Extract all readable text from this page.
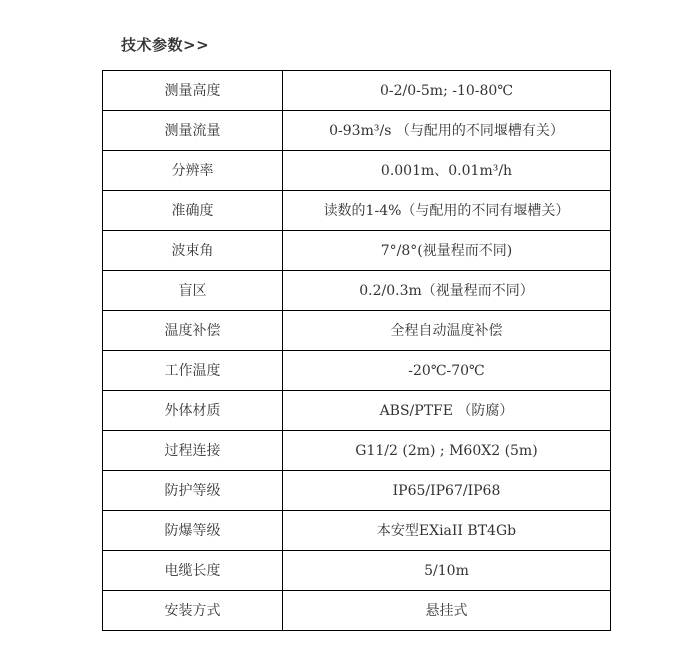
技术参数>>
测量高度	0-2/0-5m; -10-80℃
测量流量	0-93m³/s （与配用的不同堰槽有关）
分辨率	0.001m、0.01m³/h
准确度	读数的1-4%（与配用的不同有堰槽关）
波束角	7°/8°(视量程而不同)
盲区	0.2/0.3m（视量程而不同）
温度补偿	全程自动温度补偿
工作温度	-20℃-70℃
外体材质	ABS/PTFE （防腐）
过程连接	G11/2 (2m) ; M60X2 (5m)
防护等级	IP65/IP67/IP68
防爆等级	本安型EXiaII BT4Gb
电缆长度	5/10m
安装方式	悬挂式
